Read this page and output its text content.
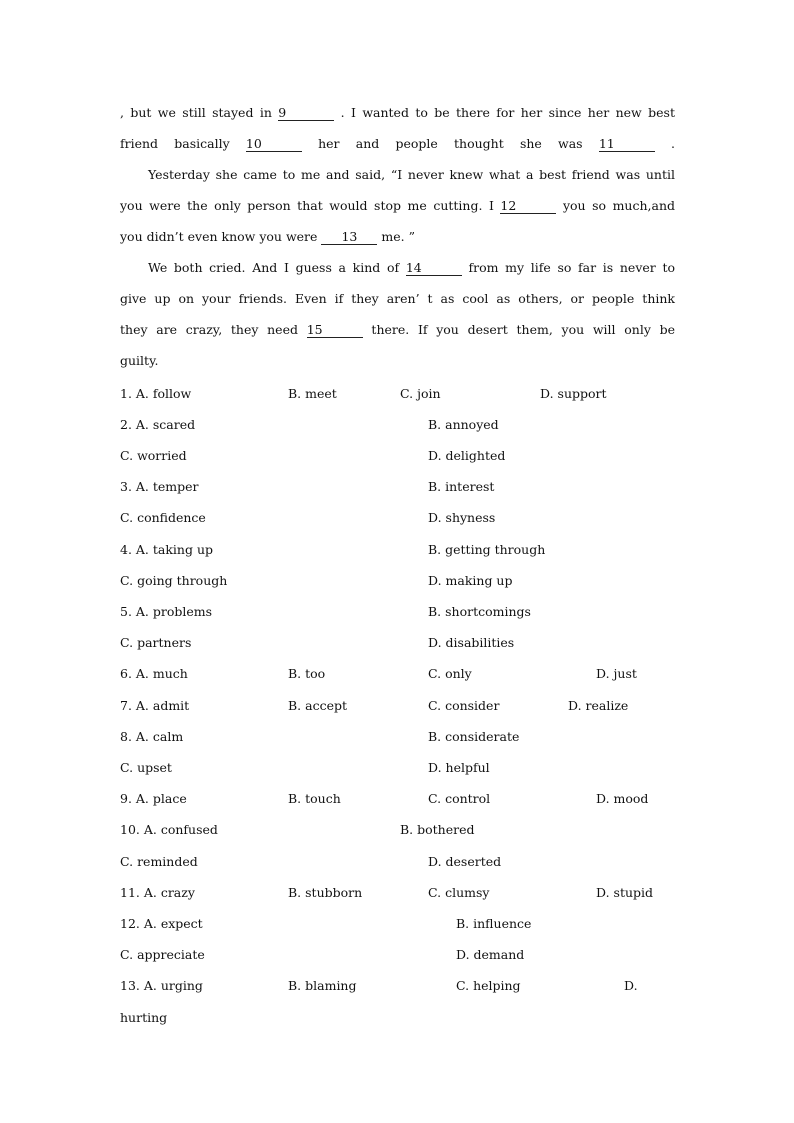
, but we still stayed in 9	. I wanted to be there for her since her new best
friend basically 10	her and people thought she was 11	.
Yesterday she came to me and said, “I never knew what a best friend was until
you were the only person that would stop me cutting. I 12	you so much,and
you didn’t even know you were 13 me. ”
We both cried. And I guess a kind of 14	from my life so far is never to
give up on your friends. Even if they aren’ t as cool as others, or people think
they are crazy, they need 15	there. If you desert them, you will only be
guilty.
1. A. follow	B. meet	C. join	D. support
2. A. scared	B. annoyed
C. worried	D. delighted
3. A. temper	B. interest
C. confidence	D. shyness
4. A. taking up	B. getting through
C. going through	D. making up
5. A. problems	B. shortcomings
C. partners	D. disabilities
6. A. much	B. too	C. only	D. just
7. A. admit	B. accept	C. consider	D. realize
8. A. calm	B. considerate
C. upset	D. helpful
9. A. place	B. touch	C. control	D. mood
10. A. confused	B. bothered
C. reminded	D. deserted
11. A. crazy	B. stubborn	C. clumsy	D. stupid
12. A. expect	B. influence
C. appreciate	D. demand
13. A. urging	B. blaming	C. helping	D.
hurting
